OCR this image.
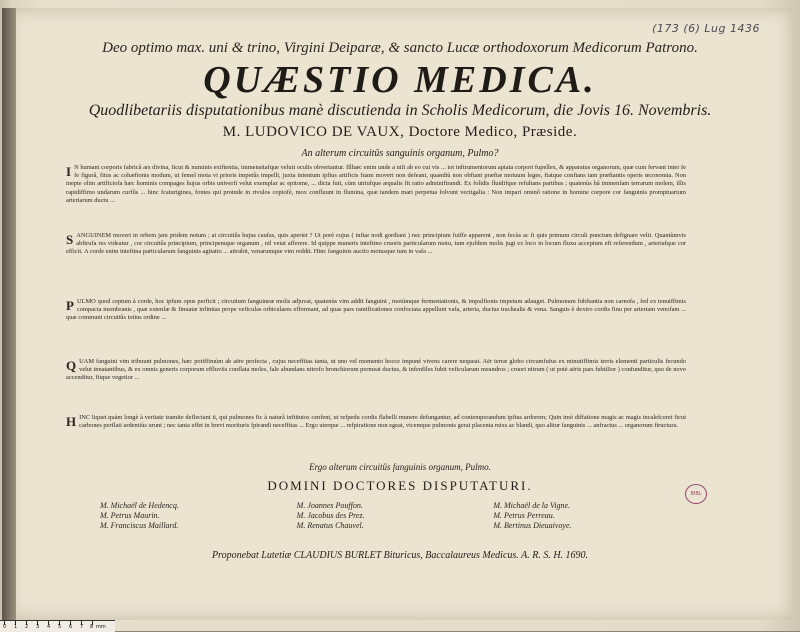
(173 (6) Lug 1436
Deo optimo max. uni & trino, Virgini Deiparæ, & sancto Lucæ orthodoxorum Medicorum Patrono.
QUÆSTIO MEDICA.
Quodlibetariis disputationibus manè discutienda in Scholis Medicorum, die Jovis 16. Novembris.
M. LUDOVICO DE VAUX, Doctore Medico, Præside.
An alterum circuitûs sanguinis organum, Pulmo?
I N humani corporis fabricâ ars divina, ficut & numinis exiftentia, immensitafque veluti oculis obvertantur. Illhæc enim unde a nifi ab eo cui vis ... tot inftrumentorum aptata corpori fupellex, & apparatus organorum, quæ cum fervant inter fe fe figurâ, fitus ac cohæfionis modum, ut femel mota vi prioris impetûs impelli, juxta intentum ipfius artificis fuam moveri non defeant, quandiù non obftant præftæ motuum leges, ftatque conftans tam præftantis operis œconomia. Non inepte olim artificiofa hæc hominis compages hujus orbis univerfi velut exemplar ac epitome, ... dicta fuit, cùm utriufque æqualis fit ratio adminiftrandi. Ex folidis fluidifque refultans partibus ; quatenùs hâ immenfam terrarum molem, illis rapidiffimo undarum curfûs ... hinc fcaturigines, fontes qui proinde in rivulos copiofè, mox confluunt in flumina, quæ tandem mari perpetua folvunt vectigalia : Non impari ominô ratione in homine corpore cor fanguinis promptuarium arteriarum ductu ...
SANGUINEM moveri in orbem jam pridem notum ; at circuitûs hujus caufas, quis aperiet ? Ut porè cujus ( inftar nodi gordiani ) nec principium fuiffe apparent , non fecùs ac fi quis primum circuli punctum defignare velit. Quantùmvis abftrufa res videatur , cor circuitûs principium, principemque organum , nil vetat afferere. Id quippe muneris inteftino cruoris particularum motu, tum ejufdem molis jugi ex loco in locum fluxu acceptum eft referendum , arteriafque cor efficit. A corde enim inteftina particularum fanguinis agitatio ... attrahit, venarumque vim reddit. Hinc fanguinis auctio motusque tum in vafa ...
PULMO quod ceptum à corde, hoc ipfum opus perficit ; circuitum fanguineæ molis adjuvat, quatenùs vim addit fanguini , motúmque fermentationis, & impulfionis impetum adauget. Pulmonum fubftantia non carnofa , fed ex tenuiffimis compacta membranis , quæ extenfæ & finuatæ infinitas prope veficulas orbiculares efformant, ad quas pars ramificationes confociata appellunt vafa, arteria, ductus trachealis & vena. Sanguis è dextro cordis finu per arteriam venofam ... quæ communi circuitûs totius ordine ...
QUAM fanguini vim tribuunt pulmones, hæc potiffimùm ab aëre profecta , cujus neceffitas tanta, ut uno vel momento hocce impunè vivens carere nequeat. Aër terræ globo circumfufus ex minutiffimis terris elementi particulis fecundo velut innatantibus, & ex omnis generis corporum effluviis conflata moles, fale abundans nitrofo bronchiorum permeat ductus, & infenfiles fubit veficularum meandros ; cruori nitrum ( ut potè aëris pars fubtilior ) confunditur, quo de novo accenditur, fitque vegetior ...
HINC liquet quàm longè à veritate tramite deflectant ii, qui pulmones fic à naturâ inftitutos cenfent, ut refpedu cordis flabelli munere defungantur, ad contemperandum ipfius ardorem; Quin imò diffatione magis ac magis incalefceret ficut carbones perflati ardentiùs urunt ; nec tanta effet in brevi morituris fpirandi neceffitas ... Ergo uterque ... refpiratione non egeat, vicemque pulmonis gerat placenta mixs ac blandi, quo alitur fanguinis ... anfractus ... organorum ftructura.
Ergo alterum circuitûs fanguinis organum, Pulmo.
DOMINI DOCTORES DISPUTATURI.
M. Michaël de Hedencq.	M. Joannes Pouffon.	M. Michaël de la Vigne.
M. Petrus Maurin.	M. Jacobus des Prez.	M. Petrus Perreau.
M. Franciscus Maillard.	M. Renatus Chauvel.	M. Bertinus Dieuaivoye.
BIBL
Proponebat Lutetiæ CLAUDIUS BURLET Bituricus, Baccalaureus Medicus. A. R. S. H. 1690.
0 1 2 3 4 5 6 7 8 mm
